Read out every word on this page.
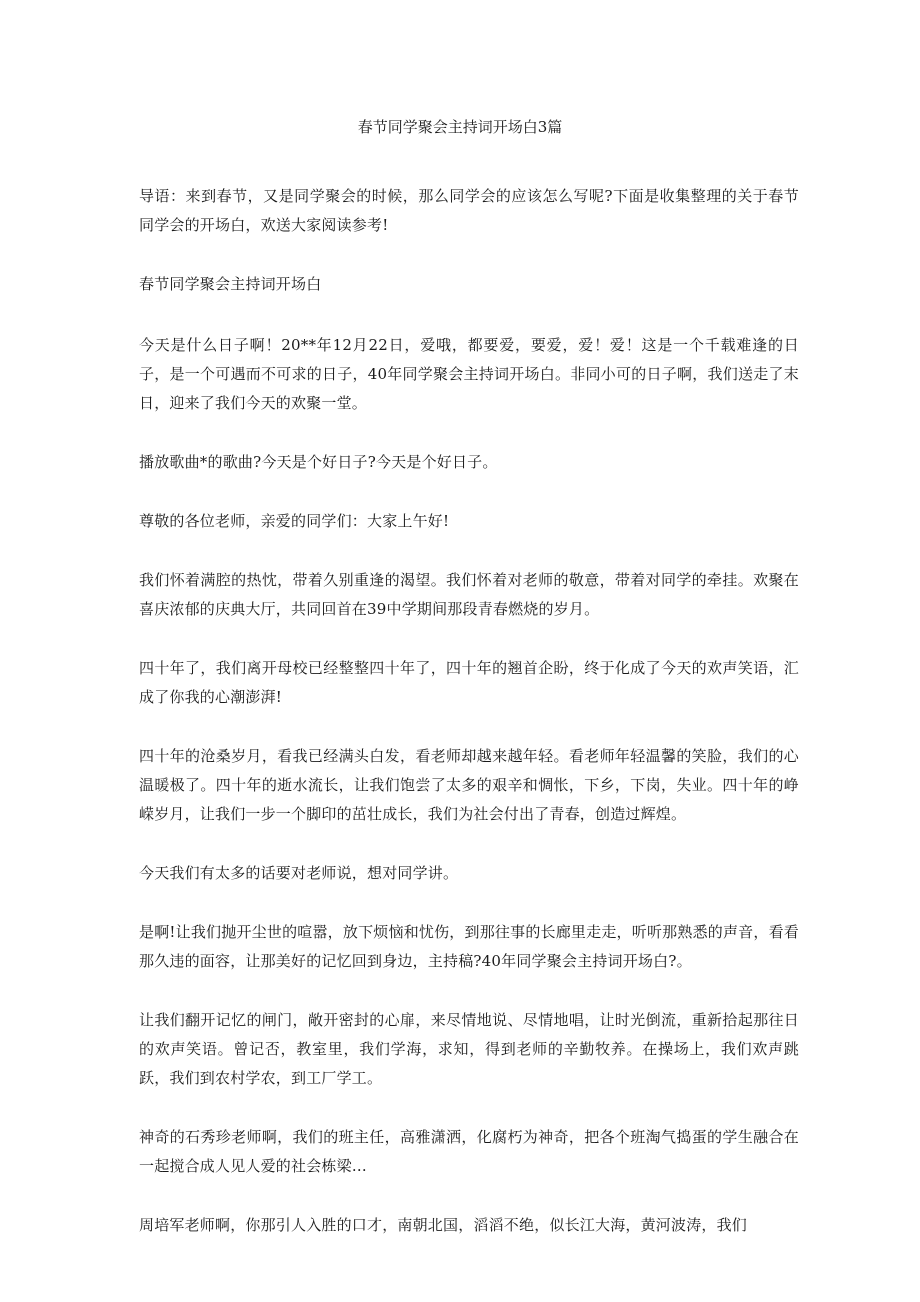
春节同学聚会主持词开场白3篇

导语：来到春节，又是同学聚会的时候，那么同学会的应该怎么写呢?下面是收集整理的关于春节同学会的开场白，欢送大家阅读参考!

春节同学聚会主持词开场白

今天是什么日子啊！20**年12月22日，爱哦，都要爱，要爱，爱！爱！这是一个千载难逢的日子，是一个可遇而不可求的日子，40年同学聚会主持词开场白。非同小可的日子啊，我们送走了末日，迎来了我们今天的欢聚一堂。

播放歌曲*的歌曲?今天是个好日子?今天是个好日子。

尊敬的各位老师，亲爱的同学们：大家上午好!

我们怀着满腔的热忱，带着久别重逢的渴望。我们怀着对老师的敬意，带着对同学的牵挂。欢聚在喜庆浓郁的庆典大厅，共同回首在39中学期间那段青春燃烧的岁月。

四十年了，我们离开母校已经整整四十年了，四十年的翘首企盼，终于化成了今天的欢声笑语，汇成了你我的心潮澎湃!

四十年的沧桑岁月，看我已经满头白发，看老师却越来越年轻。看老师年轻温馨的笑脸，我们的心温暖极了。四十年的逝水流长，让我们饱尝了太多的艰辛和惆怅，下乡，下岗，失业。四十年的峥嵘岁月，让我们一步一个脚印的茁壮成长，我们为社会付出了青春，创造过辉煌。

今天我们有太多的话要对老师说，想对同学讲。

是啊!让我们抛开尘世的喧嚣，放下烦恼和忧伤，到那往事的长廊里走走，听听那熟悉的声音，看看那久违的面容，让那美好的记忆回到身边，主持稿?40年同学聚会主持词开场白?。

让我们翻开记忆的闸门，敞开密封的心扉，来尽情地说、尽情地唱，让时光倒流，重新拾起那往日的欢声笑语。曾记否，教室里，我们学海，求知，得到老师的辛勤牧养。在操场上，我们欢声跳跃，我们到农村学农，到工厂学工。

神奇的石秀珍老师啊，我们的班主任，高雅潇洒，化腐朽为神奇，把各个班淘气捣蛋的学生融合在一起搅合成人见人爱的社会栋梁…

周培军老师啊，你那引人入胜的口才，南朝北国，滔滔不绝，似长江大海，黄河波涛，我们
